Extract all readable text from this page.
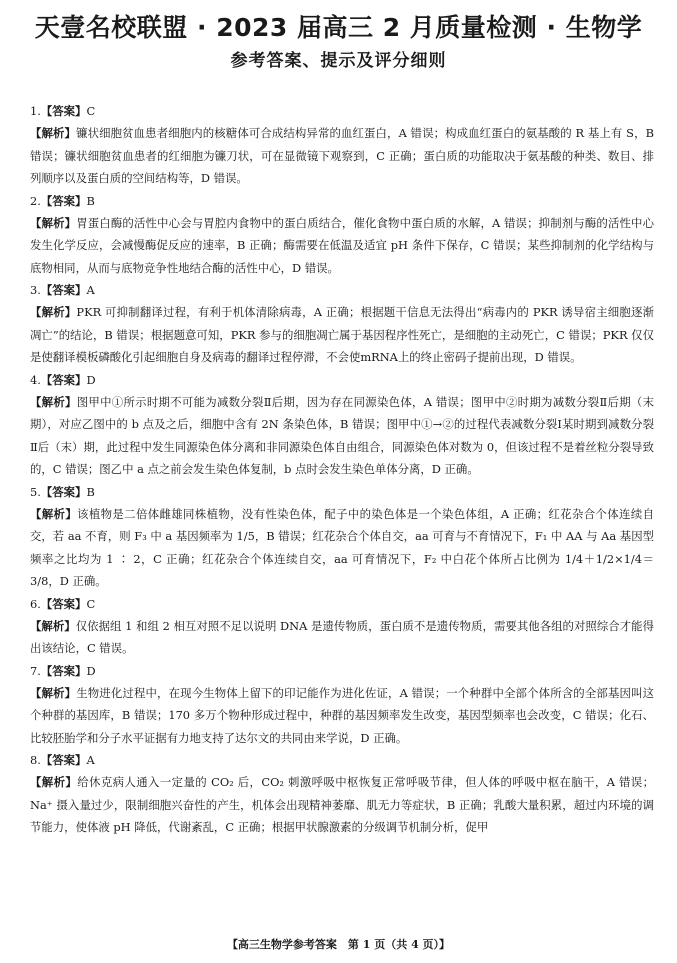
天壹名校联盟 · 2023 届高三 2 月质量检测 · 生物学
参考答案、提示及评分细则
1.【答案】C
【解析】镰状细胞贫血患者细胞内的核糖体可合成结构异常的血红蛋白，A 错误；构成血红蛋白的氨基酸的 R 基上有 S，B 错误；镰状细胞贫血患者的红细胞为镰刀状，可在显微镜下观察到，C 正确；蛋白质的功能取决于氨基酸的种类、数目、排列顺序以及蛋白质的空间结构等，D 错误。
2.【答案】B
【解析】胃蛋白酶的活性中心会与胃腔内食物中的蛋白质结合，催化食物中蛋白质的水解，A 错误；抑制剂与酶的活性中心发生化学反应，会减慢酶促反应的速率，B 正确；酶需要在低温及适宜 pH 条件下保存，C 错误；某些抑制剂的化学结构与底物相同，从而与底物竞争性地结合酶的活性中心，D 错误。
3.【答案】A
【解析】PKR 可抑制翻译过程，有利于机体清除病毒，A 正确；根据题干信息无法得出“病毒内的 PKR 诱导宿主细胞逐渐凋亡”的结论，B 错误；根据题意可知，PKR 参与的细胞凋亡属于基因程序性死亡，是细胞的主动死亡，C 错误；PKR 仅仅是使翻译模板磷酸化引起细胞自身及病毒的翻译过程停滞，不会使mRNA上的终止密码子提前出现，D 错误。
4.【答案】D
【解析】图甲中①所示时期不可能为减数分裂Ⅱ后期，因为存在同源染色体，A 错误；图甲中②时期为减数分裂Ⅱ后期（末期），对应乙图中的 b 点及之后，细胞中含有 2N 条染色体，B 错误；图甲中①→②的过程代表减数分裂Ⅰ某时期到减数分裂Ⅱ后（末）期，此过程中发生同源染色体分离和非同源染色体自由组合，同源染色体对数为 0，但该过程不是着丝粒分裂导致的，C 错误；图乙中 a 点之前会发生染色体复制，b 点时会发生染色单体分离，D 正确。
5.【答案】B
【解析】该植物是二倍体雌雄同株植物，没有性染色体，配子中的染色体是一个染色体组，A 正确；红花杂合个体连续自交，若 aa 不育，则 F₃ 中 a 基因频率为 1/5，B 错误；红花杂合个体自交，aa 可育与不育情况下，F₁ 中 AA 与 Aa 基因型频率之比均为 1 ∶ 2，C 正确；红花杂合个体连续自交，aa 可育情况下，F₂ 中白花个体所占比例为 1/4＋1/2×1/4＝3/8，D 正确。
6.【答案】C
【解析】仅依据组 1 和组 2 相互对照不足以说明 DNA 是遗传物质，蛋白质不是遗传物质，需要其他各组的对照综合才能得出该结论，C 错误。
7.【答案】D
【解析】生物进化过程中，在现今生物体上留下的印记能作为进化佐证，A 错误；一个种群中全部个体所含的全部基因叫这个种群的基因库，B 错误；170 多万个物种形成过程中，种群的基因频率发生改变，基因型频率也会改变，C 错误；化石、比较胚胎学和分子水平证据有力地支持了达尔文的共同由来学说，D 正确。
8.【答案】A
【解析】给休克病人通入一定量的 CO₂ 后，CO₂ 刺激呼吸中枢恢复正常呼吸节律，但人体的呼吸中枢在脑干，A 错误；Na⁺ 摄入量过少，限制细胞兴奋性的产生，机体会出现精神萎靡、肌无力等症状，B 正确；乳酸大量积累，超过内环境的调节能力，使体液 pH 降低，代谢紊乱，C 正确；根据甲状腺激素的分级调节机制分析，促甲
【高三生物学参考答案　第 1 页（共 4 页）】
